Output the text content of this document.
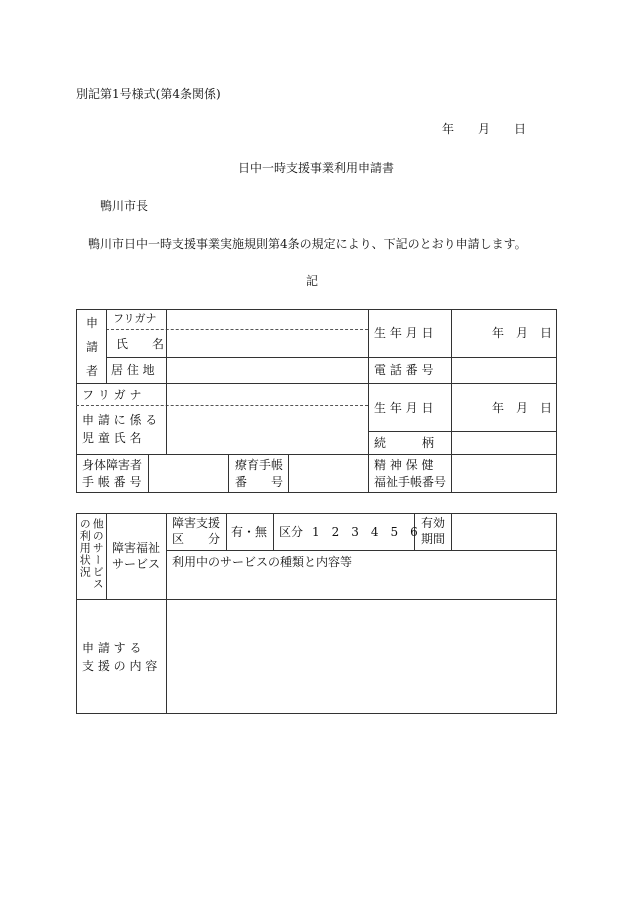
別記第1号様式(第4条関係)
年　　月　　日
日中一時支援事業利用申請書
鴨川市長
鴨川市日中一時支援事業実施規則第4条の規定により、下記のとおり申請します。
記
申
請
者
フリガナ
氏　　名
居 住 地
生 年 月 日	年　月　日
電 話 番 号
フ リ ガ ナ
申 請 に 係 る
児 童 氏 名
生 年 月 日	年　月　日
続　　　柄
身体障害者
手 帳 番 号
療育手帳
番　　号
精 神 保 健
福祉手帳番号
他のサービス
の利用状況 障害福祉
サービス
障害支援
区　　分 有・無 区分 1　2　3　4　5　6
有効
期間
利用中のサービスの種類と内容等
申 請 す る
支 援 の 内 容
